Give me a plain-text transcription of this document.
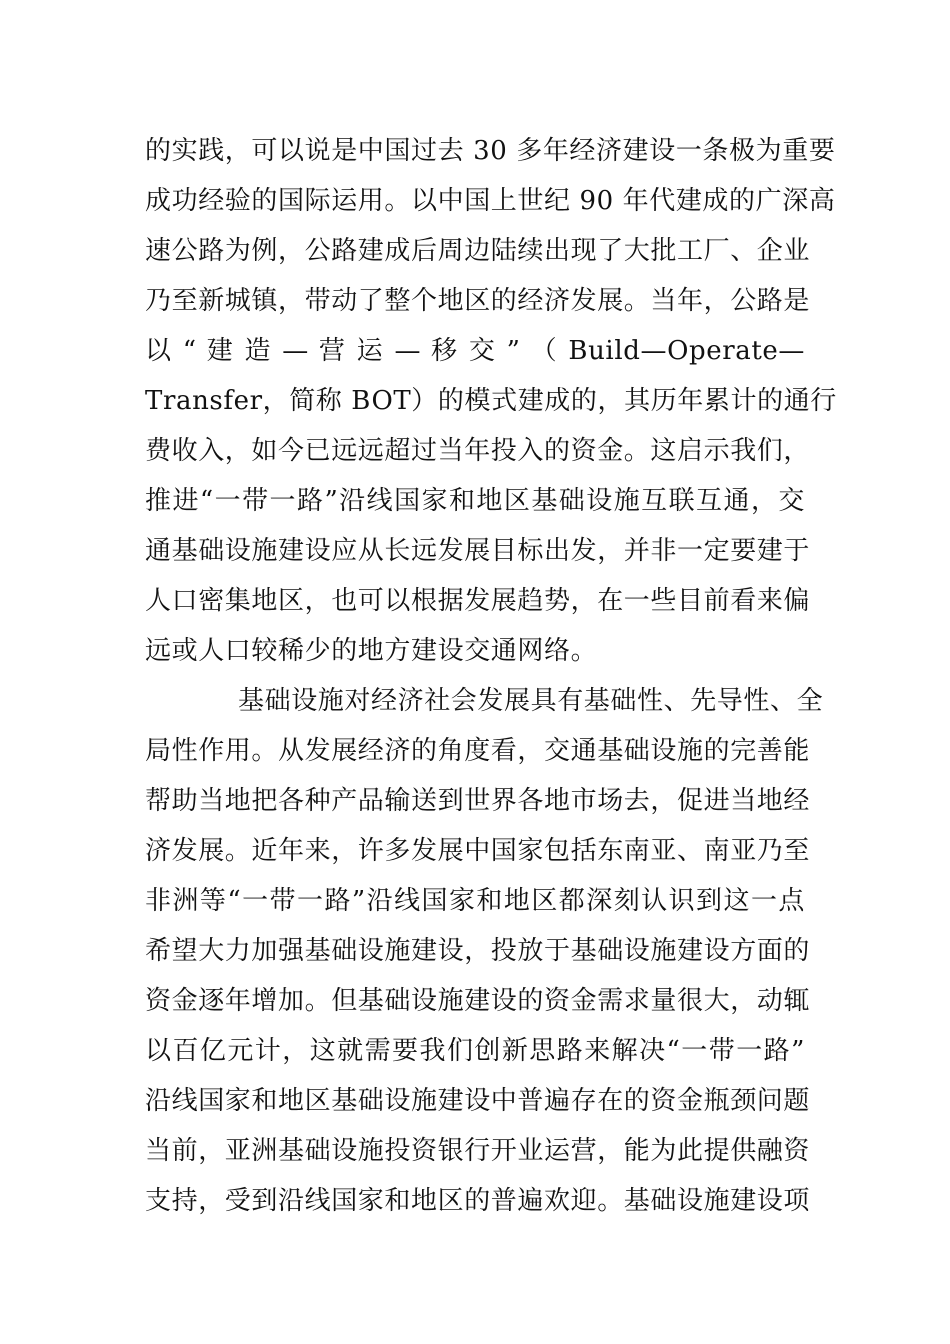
的实践，可以说是中国过去 30 多年经济建设一条极为重要
成功经验的国际运用。以中国上世纪 90 年代建成的广深高
速公路为例，公路建成后周边陆续出现了大批工厂、企业
乃至新城镇，带动了整个地区的经济发展。当年，公路是
以 “ 建 造 — 营 运 — 移 交 ” （ Build—Operate—
Transfer，简称 BOT）的模式建成的，其历年累计的通行
费收入，如今已远远超过当年投入的资金。这启示我们，
推进“一带一路”沿线国家和地区基础设施互联互通，交
通基础设施建设应从长远发展目标出发，并非一定要建于
人口密集地区，也可以根据发展趋势，在一些目前看来偏
远或人口较稀少的地方建设交通网络。
基础设施对经济社会发展具有基础性、先导性、全
局性作用。从发展经济的角度看，交通基础设施的完善能
帮助当地把各种产品输送到世界各地市场去，促进当地经
济发展。近年来，许多发展中国家包括东南亚、南亚乃至
非洲等“一带一路”沿线国家和地区都深刻认识到这一点
希望大力加强基础设施建设，投放于基础设施建设方面的
资金逐年增加。但基础设施建设的资金需求量很大，动辄
以百亿元计，这就需要我们创新思路来解决“一带一路”
沿线国家和地区基础设施建设中普遍存在的资金瓶颈问题
当前，亚洲基础设施投资银行开业运营，能为此提供融资
支持，受到沿线国家和地区的普遍欢迎。基础设施建设项
